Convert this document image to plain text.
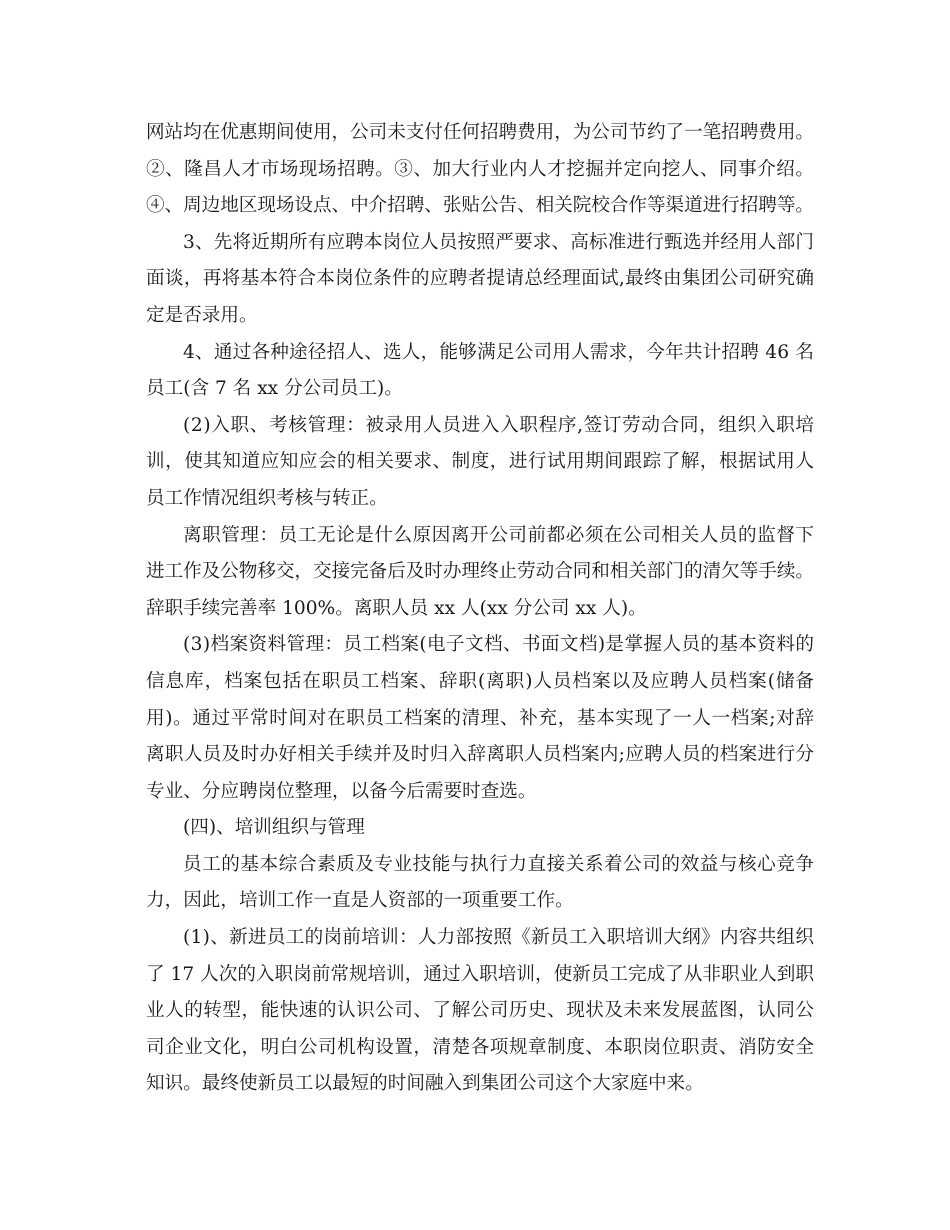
网站均在优惠期间使用，公司未支付任何招聘费用，为公司节约了一笔招聘费用。
②、隆昌人才市场现场招聘。③、加大行业内人才挖掘并定向挖人、同事介绍。
④、周边地区现场设点、中介招聘、张贴公告、相关院校合作等渠道进行招聘等。
3、先将近期所有应聘本岗位人员按照严要求、高标准进行甄选并经用人部门
面谈，再将基本符合本岗位条件的应聘者提请总经理面试,最终由集团公司研究确
定是否录用。
4、通过各种途径招人、选人，能够满足公司用人需求，今年共计招聘 46 名
员工(含 7 名 xx 分公司员工)。
(2)入职、考核管理：被录用人员进入入职程序,签订劳动合同，组织入职培
训，使其知道应知应会的相关要求、制度，进行试用期间跟踪了解，根据试用人
员工作情况组织考核与转正。
离职管理：员工无论是什么原因离开公司前都必须在公司相关人员的监督下
进工作及公物移交，交接完备后及时办理终止劳动合同和相关部门的清欠等手续。
辞职手续完善率 100%。离职人员 xx 人(xx 分公司 xx 人)。
(3)档案资料管理：员工档案(电子文档、书面文档)是掌握人员的基本资料的
信息库，档案包括在职员工档案、辞职(离职)人员档案以及应聘人员档案(储备
用)。通过平常时间对在职员工档案的清理、补充，基本实现了一人一档案;对辞
离职人员及时办好相关手续并及时归入辞离职人员档案内;应聘人员的档案进行分
专业、分应聘岗位整理，以备今后需要时查选。
(四)、培训组织与管理
员工的基本综合素质及专业技能与执行力直接关系着公司的效益与核心竞争
力，因此，培训工作一直是人资部的一项重要工作。
(1)、新进员工的岗前培训：人力部按照《新员工入职培训大纲》内容共组织
了 17 人次的入职岗前常规培训，通过入职培训，使新员工完成了从非职业人到职
业人的转型，能快速的认识公司、了解公司历史、现状及未来发展蓝图，认同公
司企业文化，明白公司机构设置，清楚各项规章制度、本职岗位职责、消防安全
知识。最终使新员工以最短的时间融入到集团公司这个大家庭中来。
